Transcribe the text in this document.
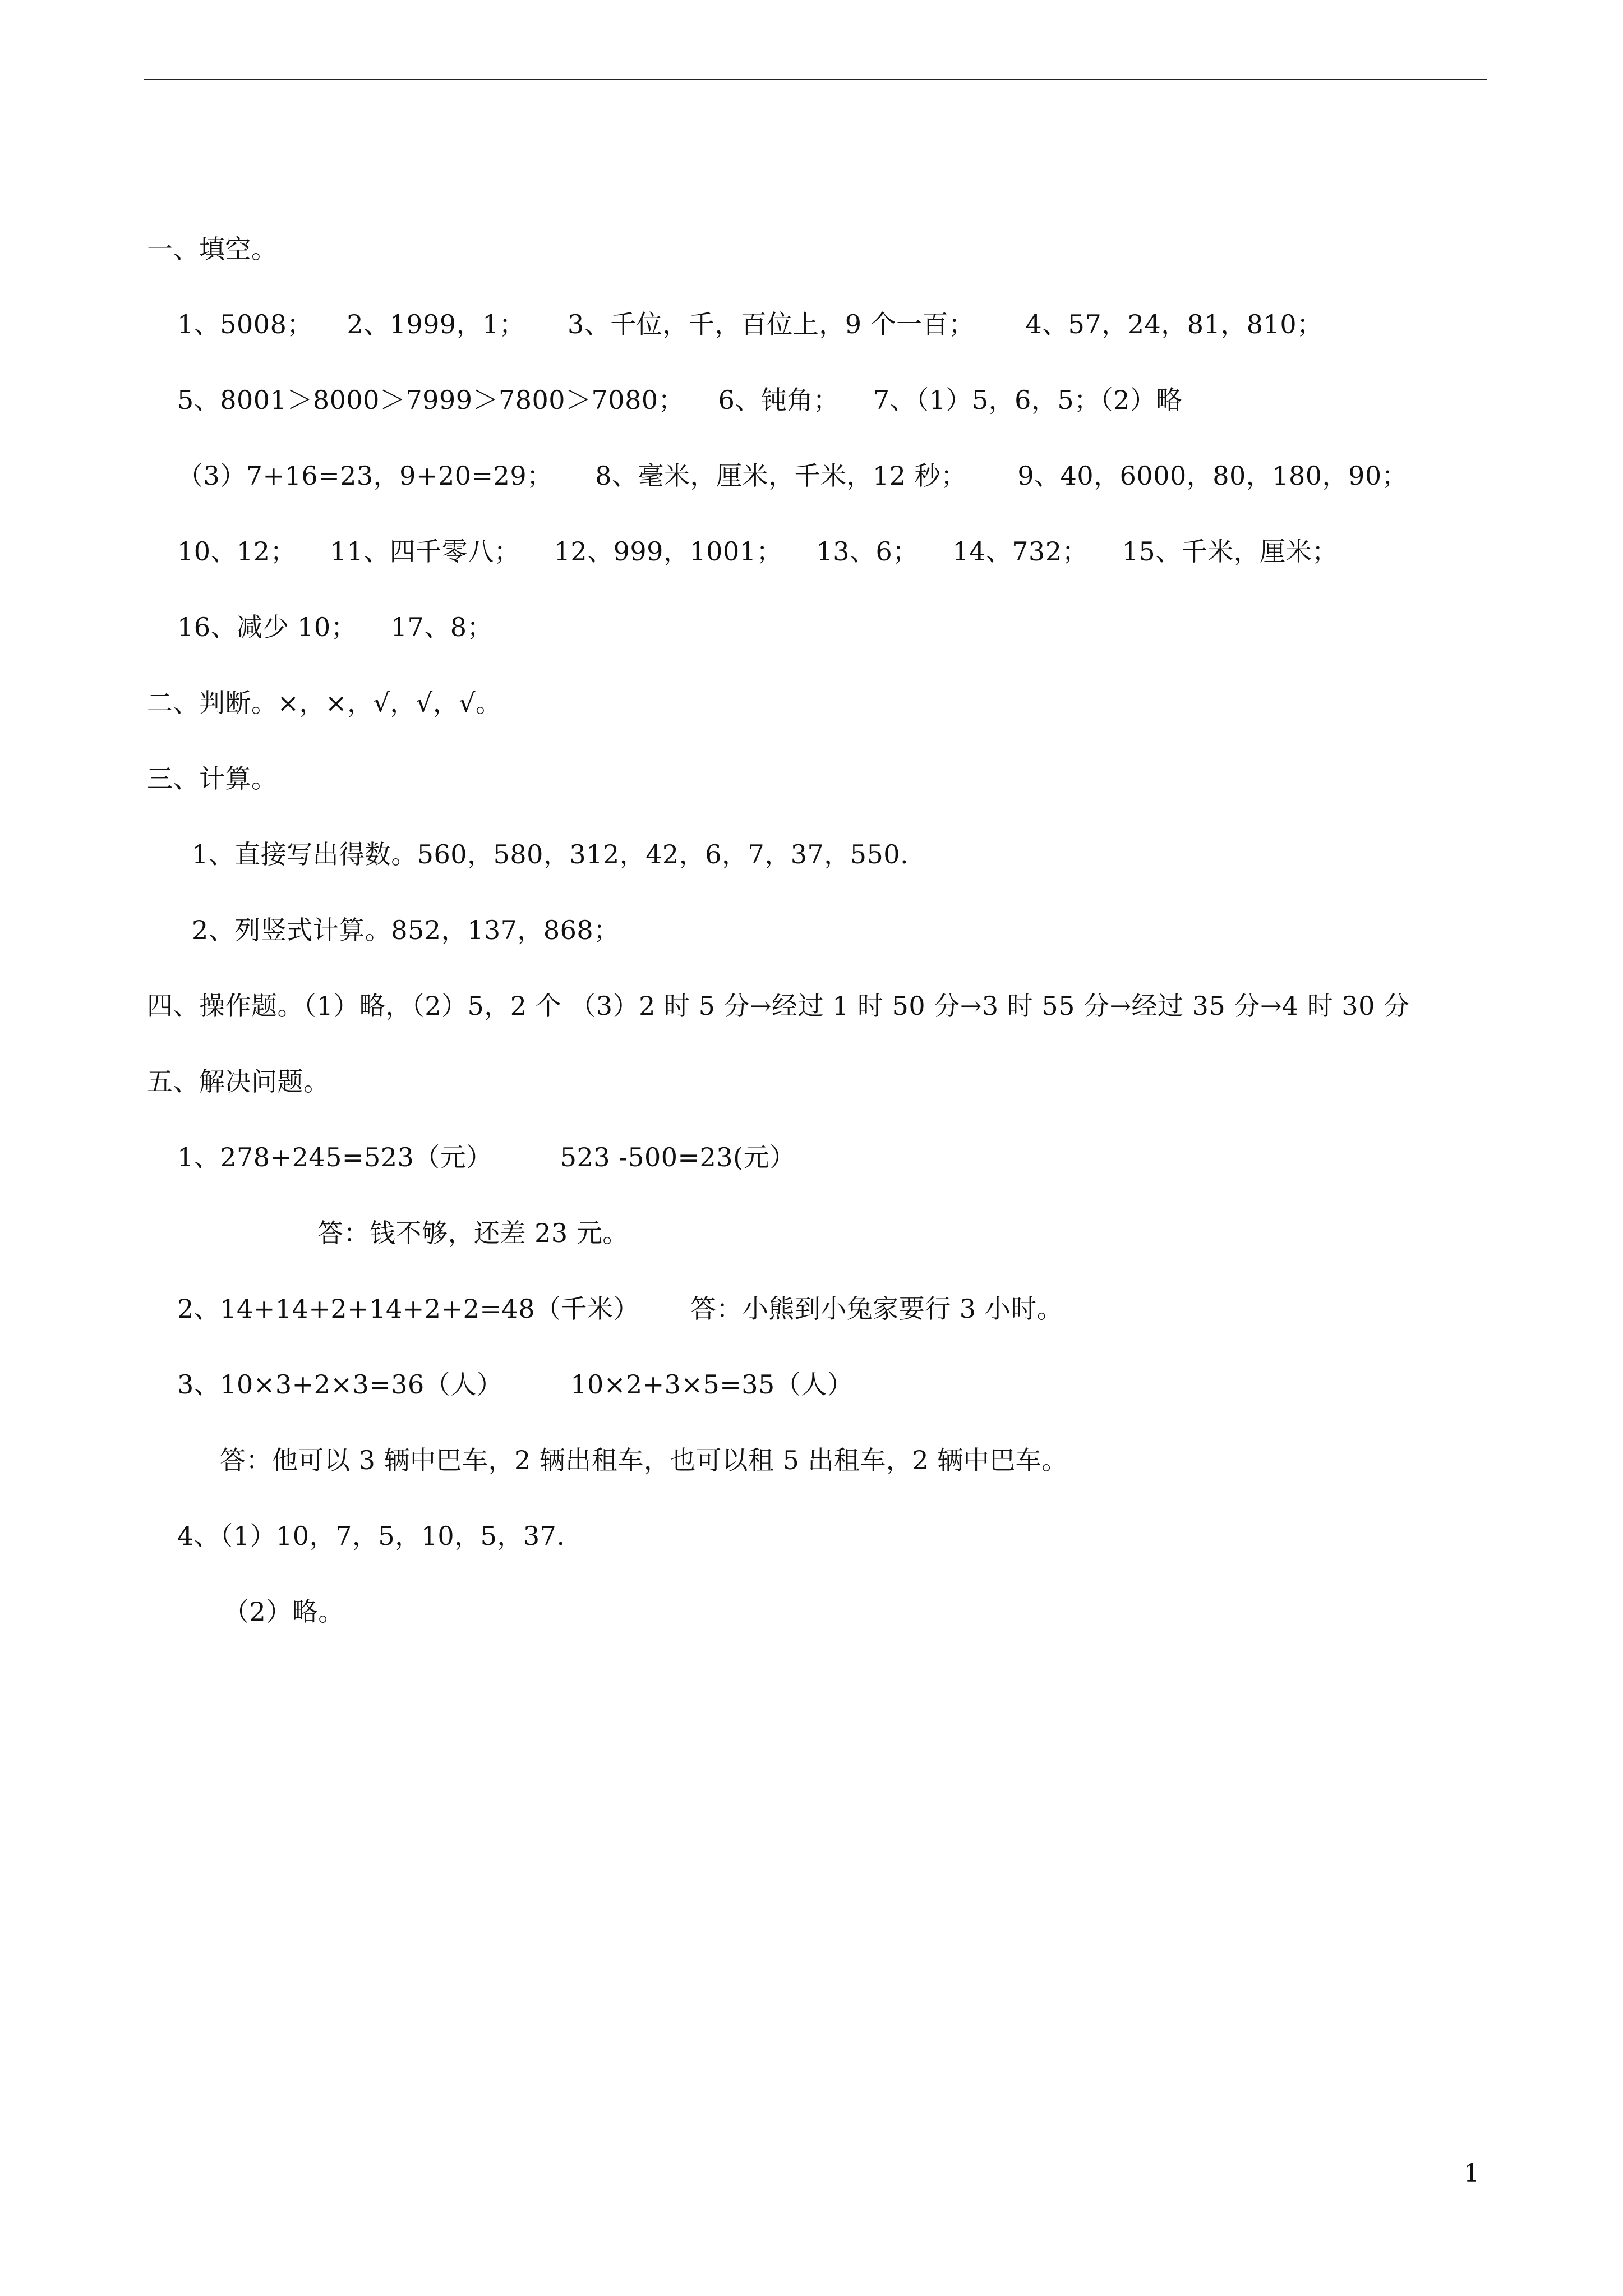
一、填空。
1、5008；    2、1999，1；     3、千位，千，百位上，9 个一百；      4、57，24，81，810；
5、8001＞8000＞7999＞7800＞7080；    6、钝角；    7、（1）5，6，5；（2）略
（3）7+16=23，9+20=29；     8、毫米，厘米，千米，12 秒；      9、40，6000，80，180，90；
10、12；    11、四千零八；    12、999，1001；    13、6；    14、732；    15、千米，厘米；
16、减少 10；    17、8；
二、判断。×，×，√，√，√。
三、计算。
1、直接写出得数。560，580，312，42，6，7，37，550.
2、列竖式计算。852，137，868；
四、操作题。（1）略，（2）5，2 个 （3）2 时 5 分→经过 1 时 50 分→3 时 55 分→经过 35 分→4 时 30 分
五、解决问题。
1、278+245=523（元）        523 -500=23(元）
答：钱不够，还差 23 元。
2、14+14+2+14+2+2=48（千米）      答：小熊到小兔家要行 3 小时。
3、10×3+2×3=36（人）        10×2+3×5=35（人）
答：他可以 3 辆中巴车，2 辆出租车，也可以租 5 出租车，2 辆中巴车。
4、（1）10，7，5，10，5，37.
（2）略。
1
